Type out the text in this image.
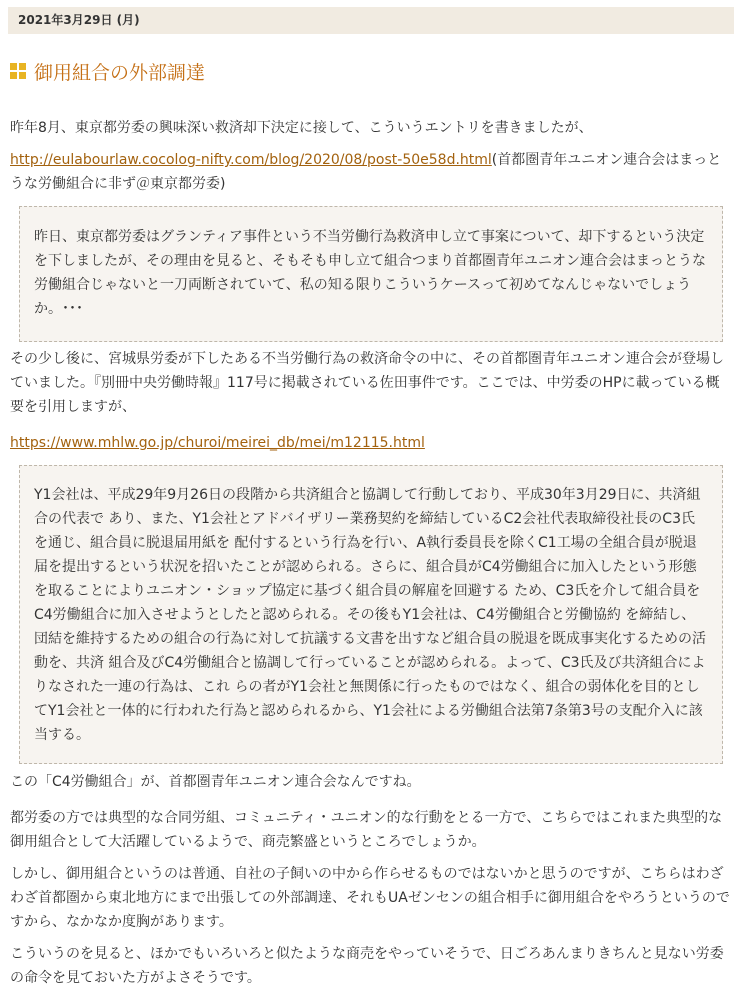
2021年3月29日 (月)
御用組合の外部調達
昨年8月、東京都労委の興味深い救済却下決定に接して、こういうエントリを書きましたが、
http://eulabourlaw.cocolog-nifty.com/blog/2020/08/post-50e58d.html(首都圏青年ユニオン連合会はまっとうな労働組合に非ず＠東京都労委)
昨日、東京都労委はグランティア事件という不当労働行為救済申し立て事案について、却下するという決定を下しましたが、その理由を見ると、そもそも申し立て組合つまり首都圏青年ユニオン連合会はまっとうな労働組合じゃないと一刀両断されていて、私の知る限りこういうケースって初めてなんじゃないでしょうか。･･･
その少し後に、宮城県労委が下したある不当労働行為の救済命令の中に、その首都圏青年ユニオン連合会が登場していました。『別冊中央労働時報』117号に掲載されている佐田事件です。ここでは、中労委のHPに載っている概要を引用しますが、
https://www.mhlw.go.jp/churoi/meirei_db/mei/m12115.html
Y1会社は、平成29年9月26日の段階から共済組合と協調して行動しており、平成30年3月29日に、共済組合の代表で あり、また、Y1会社とアドバイザリー業務契約を締結しているC2会社代表取締役社長のC3氏を通じ、組合員に脱退届用紙を 配付するという行為を行い、A執行委員長を除くC1工場の全組合員が脱退届を提出するという状況を招いたことが認められる。さらに、組合員がC4労働組合に加入したという形態を取ることによりユニオン・ショップ協定に基づく組合員の解雇を回避する ため、C3氏を介して組合員をC4労働組合に加入させようとしたと認められる。その後もY1会社は、C4労働組合と労働協約 を締結し、団結を維持するための組合の行為に対して抗議する文書を出すなど組合員の脱退を既成事実化するための活動を、共済 組合及びC4労働組合と協調して行っていることが認められる。よって、C3氏及び共済組合によりなされた一連の行為は、これ らの者がY1会社と無関係に行ったものではなく、組合の弱体化を目的としてY1会社と一体的に行われた行為と認められるから、Y1会社による労働組合法第7条第3号の支配介入に該当する。
この「C4労働組合」が、首都圏青年ユニオン連合会なんですね。
都労委の方では典型的な合同労組、コミュニティ・ユニオン的な行動をとる一方で、こちらではこれまた典型的な御用組合として大活躍しているようで、商売繁盛というところでしょうか。
しかし、御用組合というのは普通、自社の子飼いの中から作らせるものではないかと思うのですが、こちらはわざわざ首都圏から東北地方にまで出張しての外部調達、それもUAゼンセンの組合相手に御用組合をやろうというのですから、なかなか度胸があります。
こういうのを見ると、ほかでもいろいろと似たような商売をやっていそうで、日ごろあんまりきちんと見ない労委の命令を見ておいた方がよさそうです。
